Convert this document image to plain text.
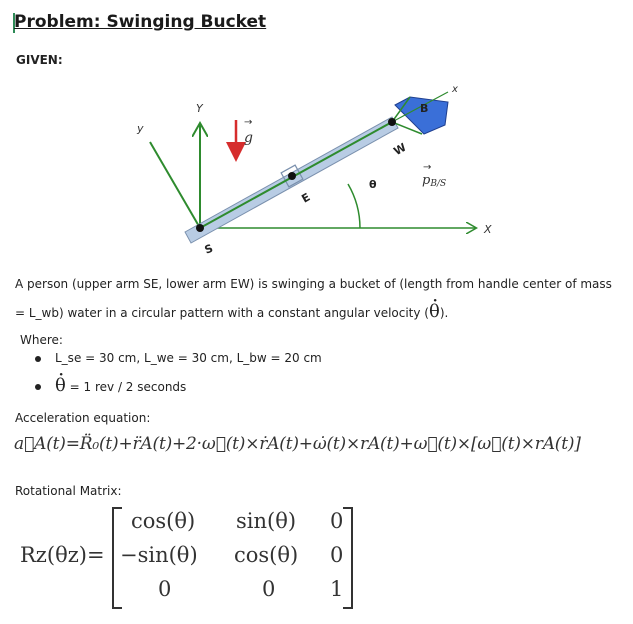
Problem: Swinging Bucket
GIVEN:
Y
y
X
x
B
S
E
W
g
→
θ	pB/S
→
A person (upper arm SE, lower arm EW) is swinging a bucket of (length from handle center of mass = L_wb) water in a circular pattern with a constant angular velocity (· θ).
Where:
L_se = 30 cm, L_we = 30 cm, L_bw = 20 cm
· θ = 1 rev / 2 seconds
Acceleration equation:
a⃗A(t)=R̈₀(t)+r̈A(t)+2·ω⃗(t)×ṙA(t)+ω̇(t)×rA(t)+ω⃗(t)×[ω⃗(t)×rA(t)]
Rotational Matrix:
Rz(θz)=
cos(θ) sin(θ) 0
−sin(θ) cos(θ) 0
0	0	1
